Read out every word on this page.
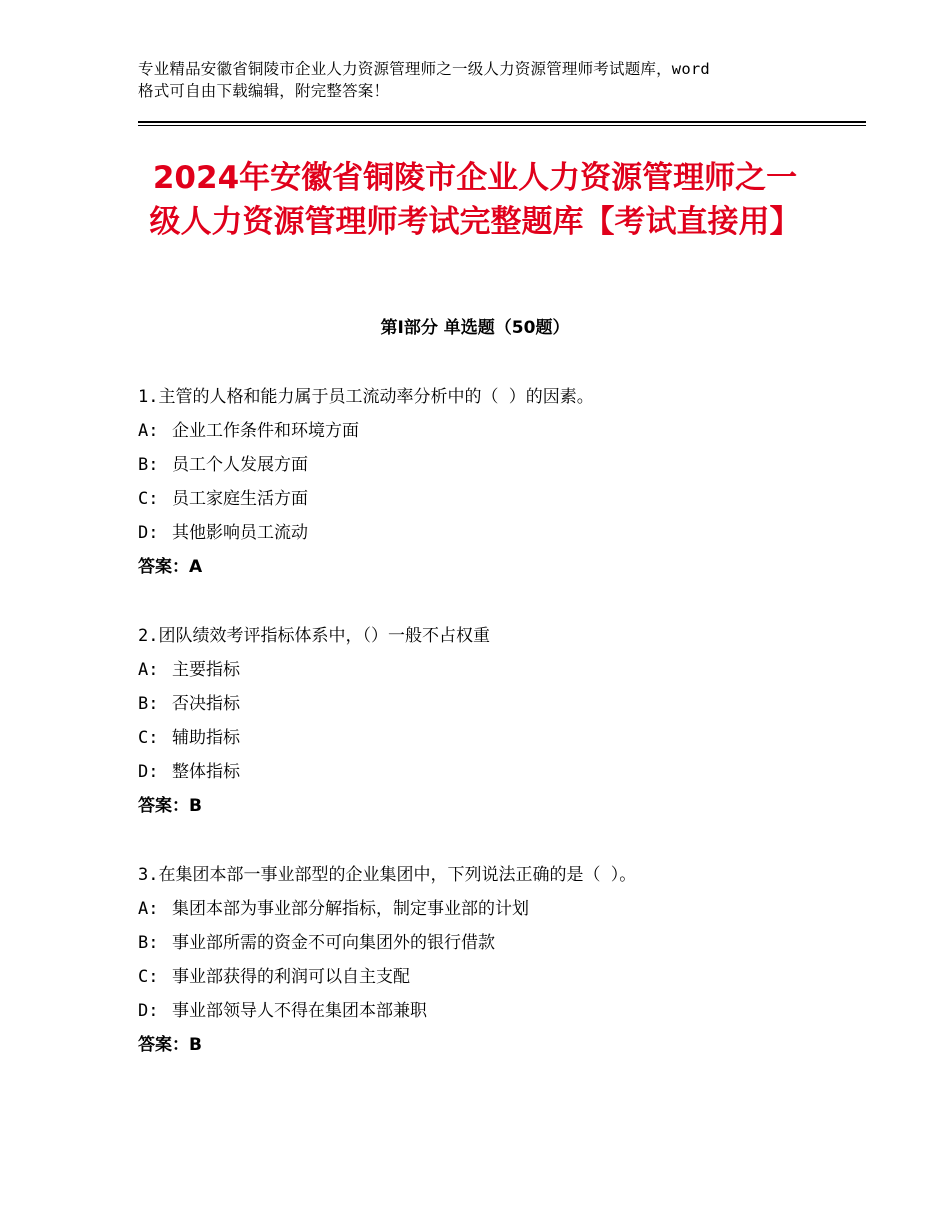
专业精品安徽省铜陵市企业人力资源管理师之一级人力资源管理师考试题库，word
格式可自由下载编辑，附完整答案！
2024年安徽省铜陵市企业人力资源管理师之一级人力资源管理师考试完整题库【考试直接用】
第Ⅰ部分 单选题（50题）
1.主管的人格和能力属于员工流动率分析中的（ ）的因素。
A: 企业工作条件和环境方面
B: 员工个人发展方面
C: 员工家庭生活方面
D: 其他影响员工流动
答案：A
2.团队绩效考评指标体系中，（）一般不占权重
A: 主要指标
B: 否决指标
C: 辅助指标
D: 整体指标
答案：B
3.在集团本部一事业部型的企业集团中，下列说法正确的是（ ）。
A: 集团本部为事业部分解指标，制定事业部的计划
B: 事业部所需的资金不可向集团外的银行借款
C: 事业部获得的利润可以自主支配
D: 事业部领导人不得在集团本部兼职
答案：B
